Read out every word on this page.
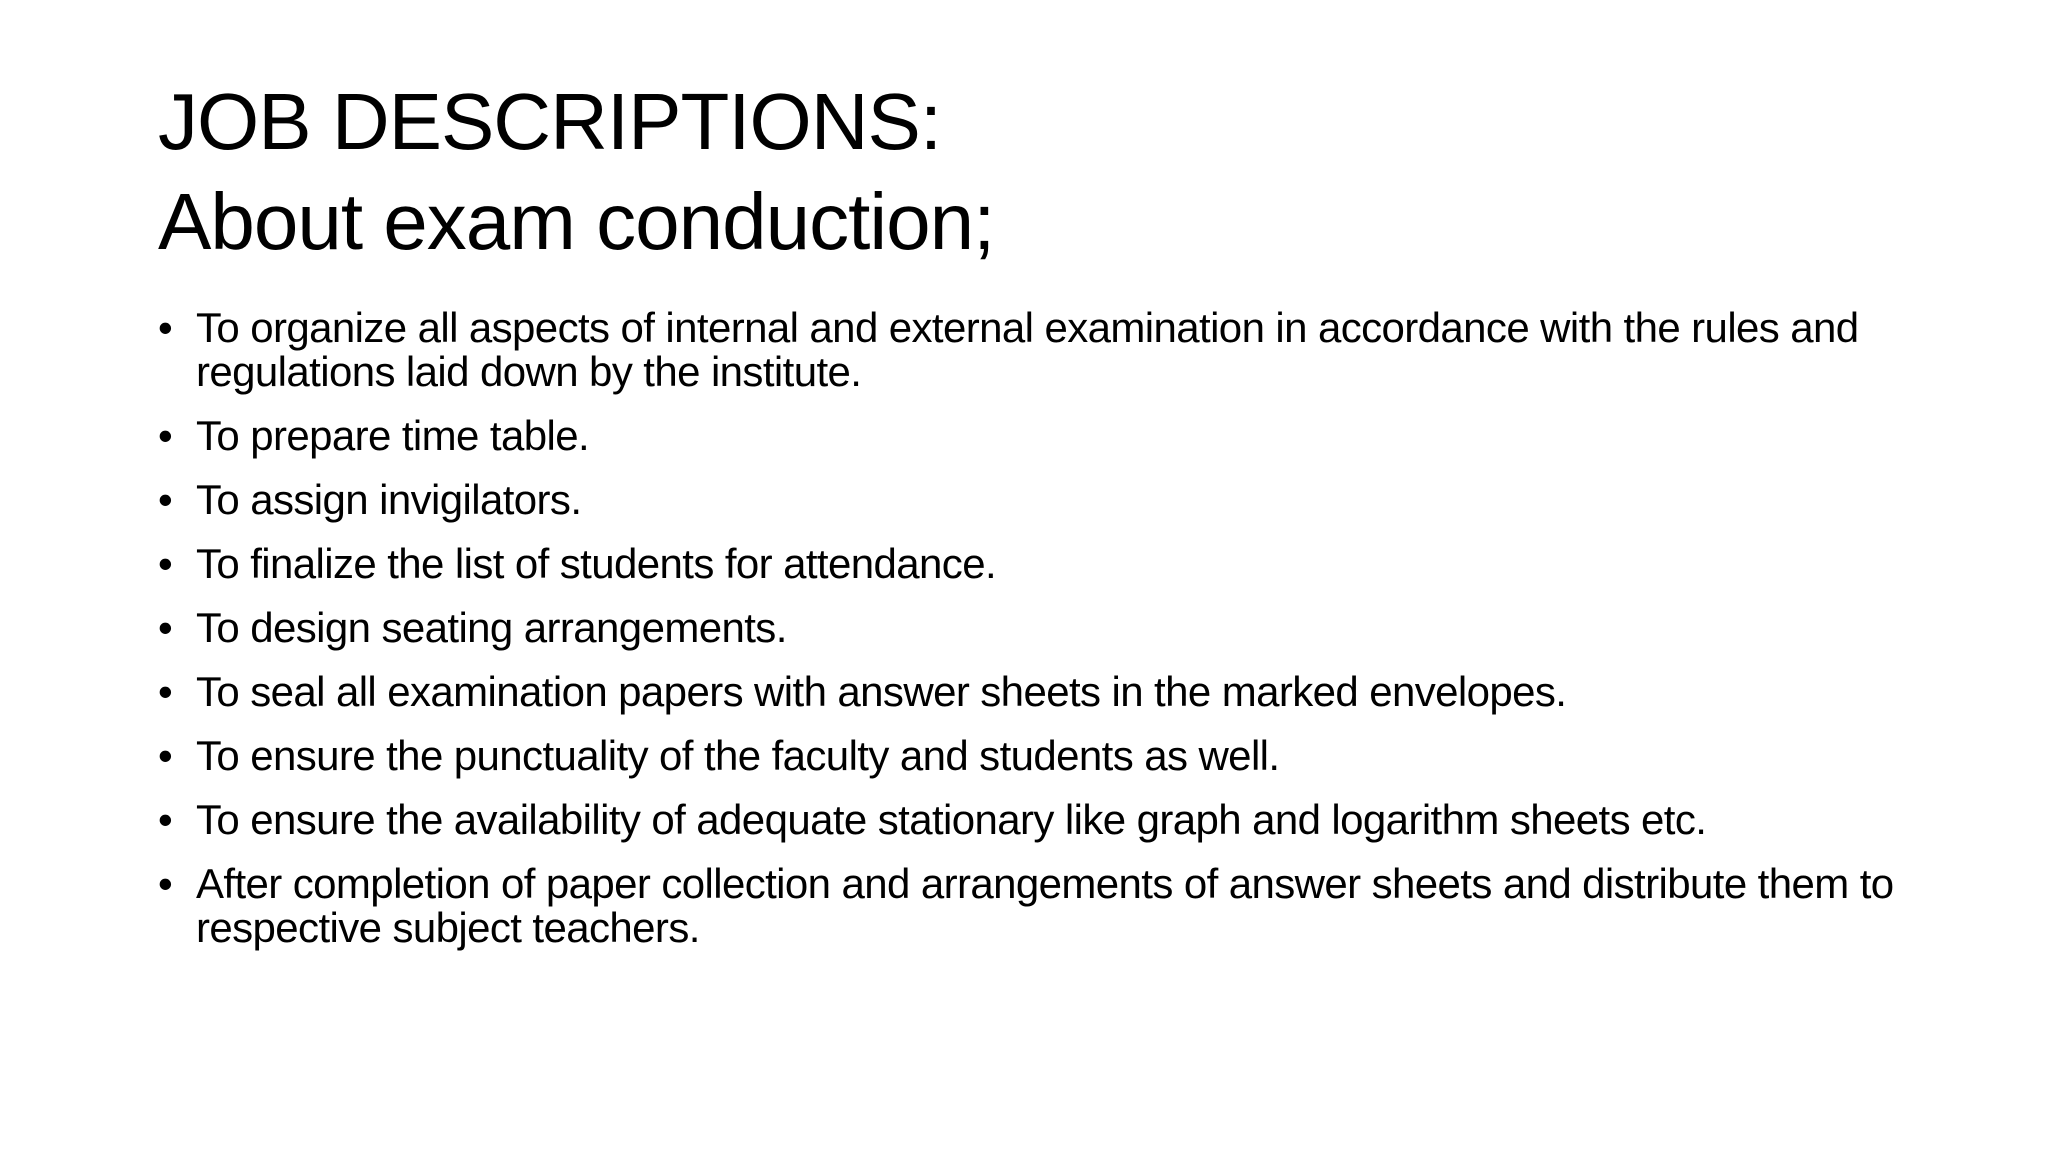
JOB DESCRIPTIONS:
About exam conduction;
• To organize all aspects of internal and external examination in accordance with the rules and regulations laid down by the institute.
• To prepare time table.
• To assign invigilators.
• To finalize the list of students for attendance.
• To design seating arrangements.
• To seal all examination papers with answer sheets in the marked envelopes.
• To ensure the punctuality of the faculty and students as well.
• To ensure the availability of adequate stationary like graph and logarithm sheets etc.
• After completion of paper collection and arrangements of answer sheets and distribute them to respective subject teachers.
